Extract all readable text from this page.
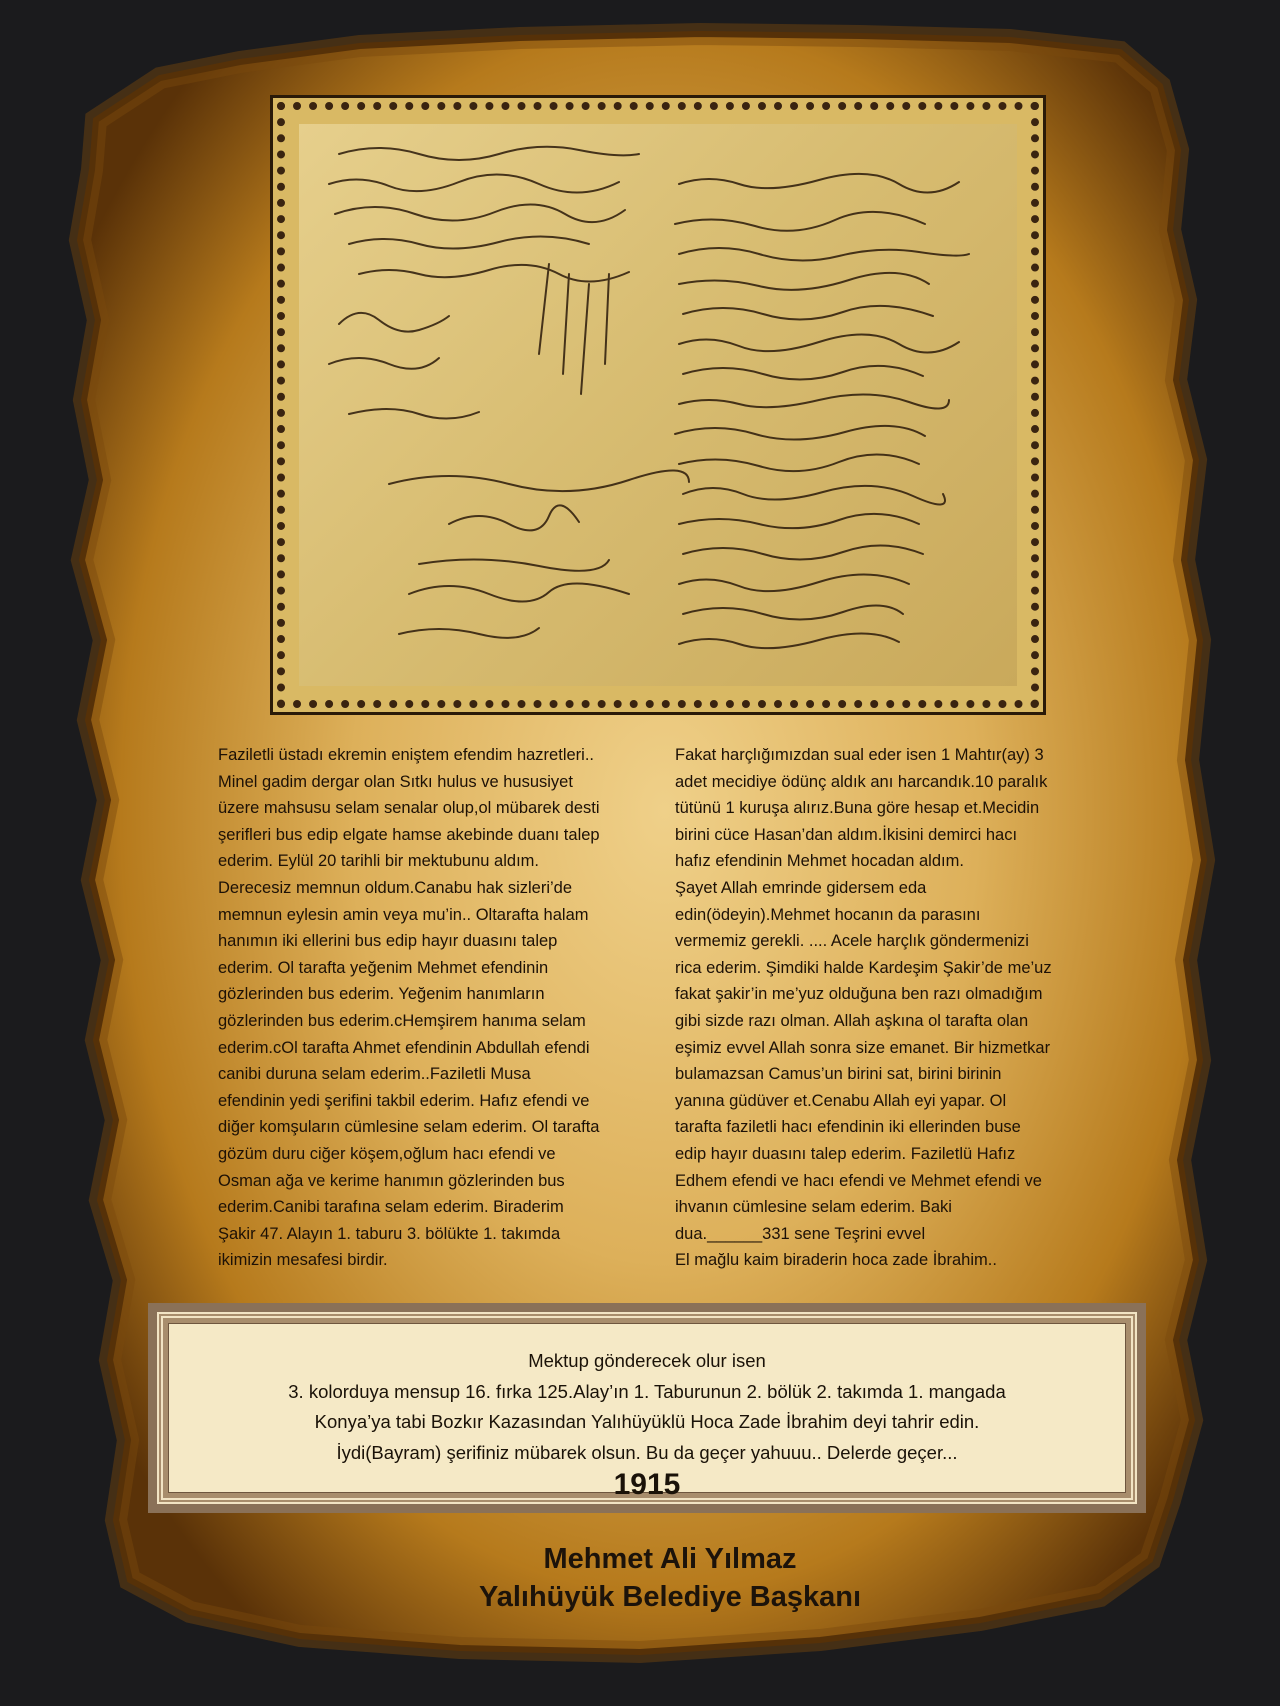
Faziletli üstadı ekremin eniştem efendim hazretleri..
Minel gadim dergar olan Sıtkı hulus ve hususiyet
üzere mahsusu selam senalar olup,ol mübarek desti
şerifleri bus edip elgate hamse akebinde duanı talep
ederim. Eylül 20 tarihli bir mektubunu aldım.
Derecesiz memnun oldum.Canabu hak sizleri’de
memnun eylesin amin veya mu’in.. Oltarafta halam
hanımın iki ellerini bus edip hayır duasını talep
ederim. Ol tarafta yeğenim Mehmet efendinin
gözlerinden bus ederim. Yeğenim hanımların
gözlerinden bus ederim.cHemşirem hanıma selam
ederim.cOl tarafta Ahmet efendinin Abdullah efendi
canibi duruna selam ederim..Faziletli Musa
efendinin yedi şerifini takbil ederim. Hafız efendi ve
diğer komşuların cümlesine selam ederim. Ol tarafta
gözüm duru ciğer köşem,oğlum hacı efendi ve
Osman ağa ve kerime hanımın gözlerinden bus
ederim.Canibi tarafına selam ederim. Biraderim
Şakir 47. Alayın 1. taburu 3. bölükte 1. takımda
ikimizin mesafesi birdir.
Fakat harçlığımızdan sual eder isen 1 Mahtır(ay) 3
adet mecidiye ödünç aldık anı harcandık.10 paralık
tütünü 1 kuruşa alırız.Buna göre hesap et.Mecidin
birini cüce Hasan’dan aldım.İkisini demirci hacı
hafız efendinin Mehmet hocadan aldım.
Şayet Allah emrinde gidersem eda
edin(ödeyin).Mehmet hocanın da parasını
vermemiz gerekli. .... Acele harçlık göndermenizi
rica ederim. Şimdiki halde Kardeşim Şakir’de me’uz
fakat şakir’in me’yuz olduğuna ben razı olmadığım
gibi sizde razı olman. Allah aşkına ol tarafta olan
eşimiz evvel Allah sonra size emanet. Bir hizmetkar
bulamazsan Camus’un birini sat, birini birinin
yanına güdüver et.Cenabu Allah eyi yapar. Ol
tarafta faziletli hacı efendinin iki ellerinden buse
edip hayır duasını talep ederim. Faziletlü Hafız
Edhem efendi ve hacı efendi ve Mehmet efendi ve
ihvanın cümlesine selam ederim. Baki
dua.______331 sene Teşrini evvel
El mağlu kaim biraderin hoca zade İbrahim..
Mektup gönderecek olur isen
3. kolorduya mensup 16. fırka 125.Alay’ın 1. Taburunun 2. bölük 2. takımda 1. mangada
Konya’ya tabi Bozkır Kazasından Yalıhüyüklü Hoca Zade İbrahim deyi tahrir edin.
İydi(Bayram) şerifiniz mübarek olsun. Bu da geçer yahuuu.. Delerde geçer...
1915
Mehmet Ali Yılmaz
Yalıhüyük Belediye Başkanı
